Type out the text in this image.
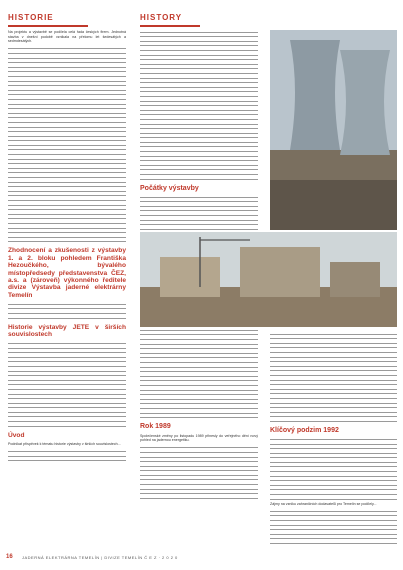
HISTORIE	HISTORY

Na projektu a výstavbě se podílela celá řada českých firem. Jednotná stavba v dnešní podobě vznikala na přelomu let šedesátých a sedmdesátých.

Zhodnocení a zkušenosti z výstavby 1. a 2. bloku pohledem Františka Hezoučkého, bývalého místopředsedy představenstva ČEZ, a.s. a (zároveň) výkonného ředitele divize Výstavba jaderné elektrárny Temelín
Historie výstavby JETE v širších souvislostech
Úvod

Podnikat příspěvek k tématu historie výstavby v širších souvislostech...

Počátky výstavby
Rok 1989

Společenské změny po listopadu 1989 přinesly do veřejného dění nový pohled na jadernou energetiku.

Klíčový podzim 1992

Zájmy na vzniku zahraničních dodavatelů pro Temelín se podílely...

16 JADERNÁ ELEKTRÁRNA TEMELÍN | DIVIZE TEMELÍN Č E Z · 2 0 2 0
